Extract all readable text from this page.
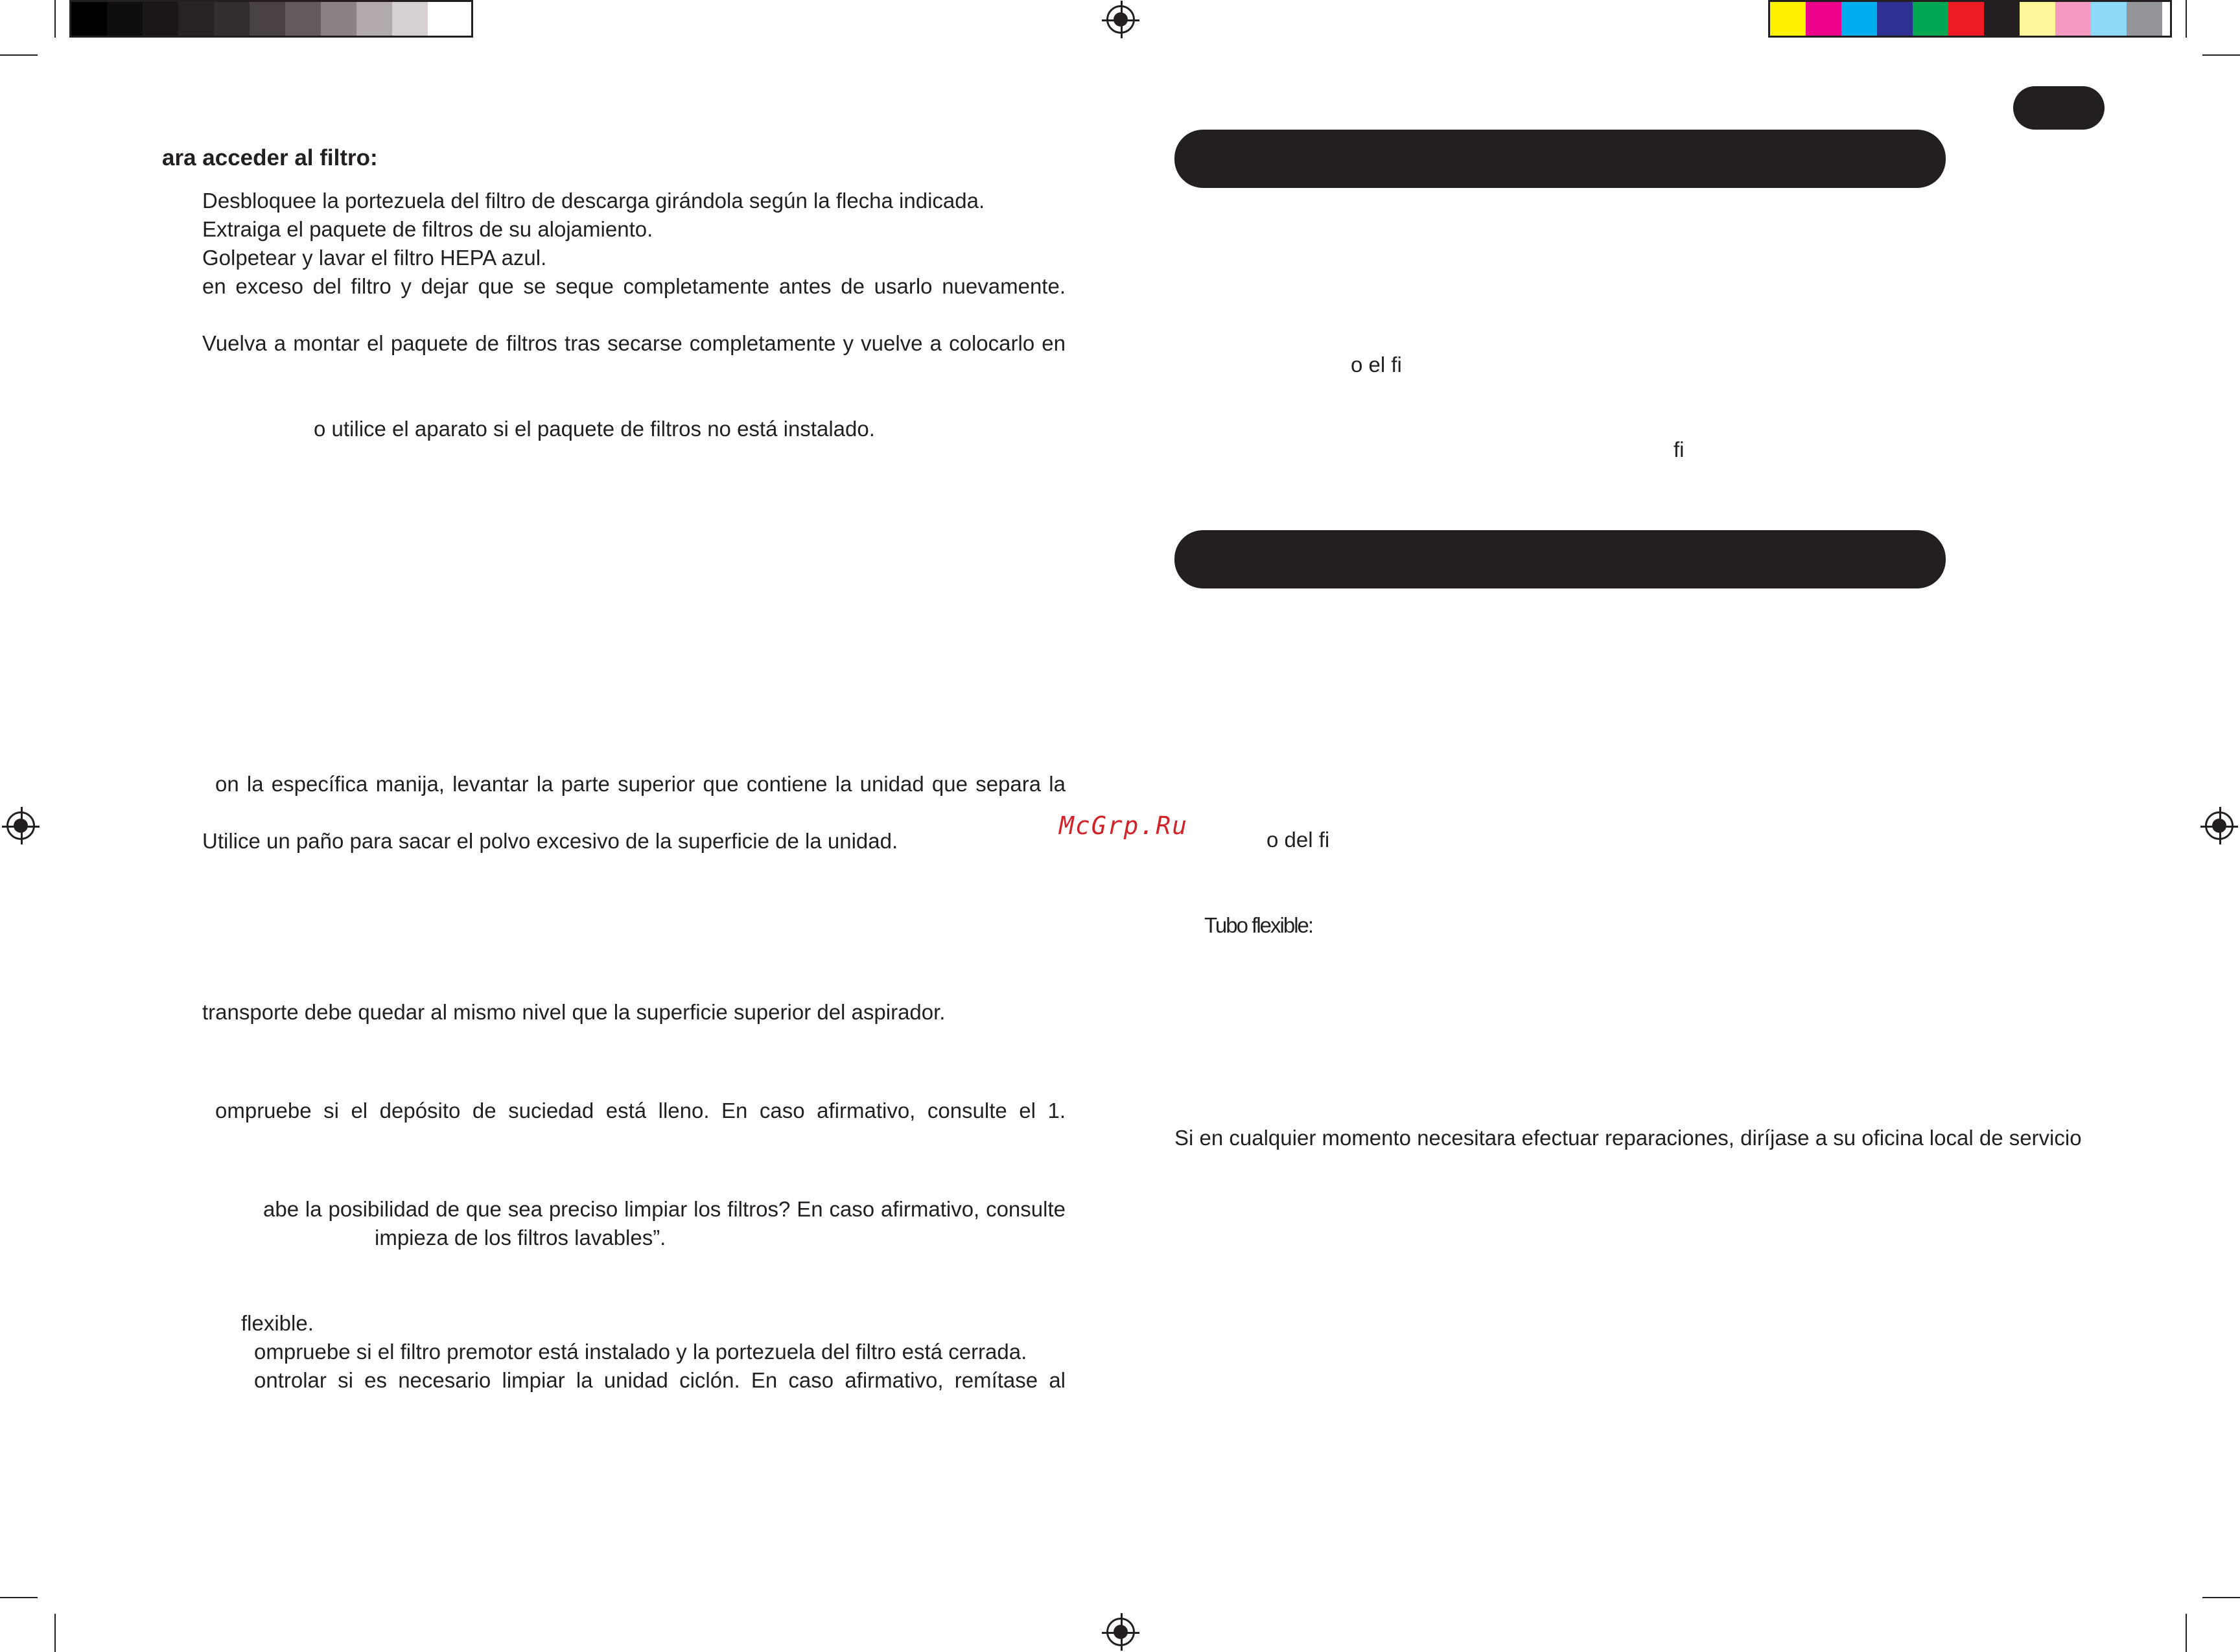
ara acceder al filtro:
Desbloquee la portezuela del filtro de descarga girándola según la flecha indicada.
Extraiga el paquete de filtros de su alojamiento.
Golpetear y lavar el filtro HEPA azul.
en exceso del filtro y dejar que se seque completamente antes de usarlo nuevamente.
Vuelva a montar el paquete de filtros tras secarse completamente y vuelve a colocarlo en
o utilice el aparato si el paquete de filtros no está instalado.
on la específica manija, levantar la parte superior que contiene la unidad que separa la
Utilice un paño para sacar el polvo excesivo de la superficie de la unidad.
transporte debe quedar al mismo nivel que la superficie superior del aspirador.
ompruebe si el depósito de suciedad está lleno. En caso afirmativo, consulte el 1.
abe la posibilidad de que sea preciso limpiar los filtros? En caso afirmativo, consulte
impieza de los filtros lavables”.
flexible.
ompruebe si el filtro premotor está instalado y la portezuela del filtro está cerrada.
ontrolar si es necesario limpiar la unidad ciclón. En caso afirmativo, remítase al
McGrp.Ru
o el fi
fi
o del fi
Tubo flexible:
Si en cualquier momento necesitara efectuar reparaciones, diríjase a su oficina local de servicio
